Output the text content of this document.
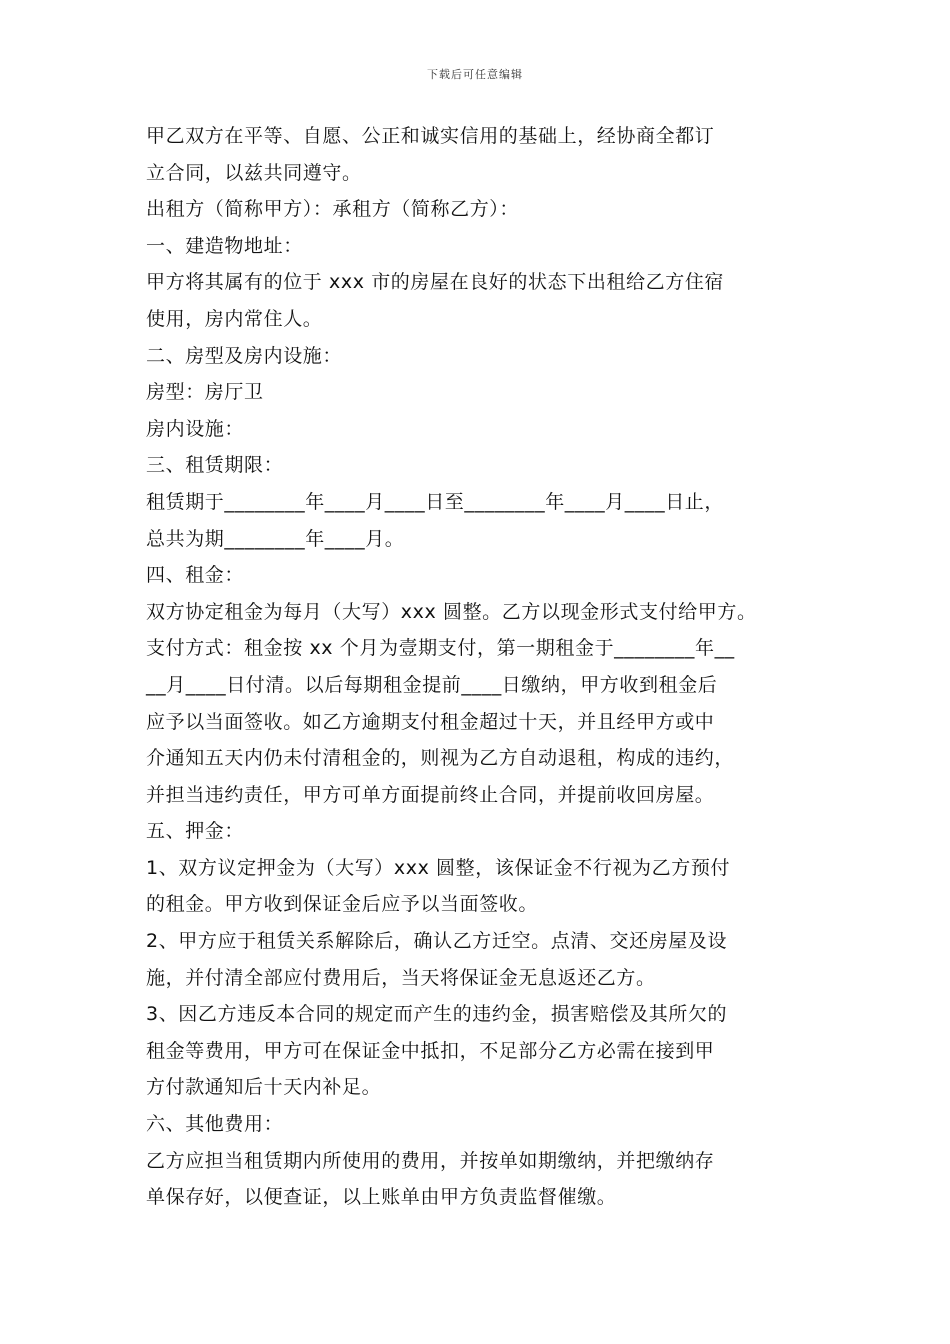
下载后可任意编辑
甲乙双方在平等、自愿、公正和诚实信用的基础上，经协商全都订
立合同，以兹共同遵守。
出租方（简称甲方）：承租方（简称乙方）：
一、建造物地址：
甲方将其属有的位于 xxx 市的房屋在良好的状态下出租给乙方住宿
使用，房内常住人。
二、房型及房内设施：
房型：房厅卫
房内设施：
三、租赁期限：
租赁期于________年____月____日至________年____月____日止，
总共为期________年____月。
四、租金：
双方协定租金为每月（大写）xxx 圆整。乙方以现金形式支付给甲方。
支付方式：租金按 xx 个月为壹期支付，第一期租金于________年__
__月____日付清。以后每期租金提前____日缴纳，甲方收到租金后
应予以当面签收。如乙方逾期支付租金超过十天，并且经甲方或中
介通知五天内仍未付清租金的，则视为乙方自动退租，构成的违约，
并担当违约责任，甲方可单方面提前终止合同，并提前收回房屋。
五、押金：
1、双方议定押金为（大写）xxx 圆整，该保证金不行视为乙方预付
的租金。甲方收到保证金后应予以当面签收。
2、甲方应于租赁关系解除后，确认乙方迁空。点清、交还房屋及设
施，并付清全部应付费用后，当天将保证金无息返还乙方。
3、因乙方违反本合同的规定而产生的违约金，损害赔偿及其所欠的
租金等费用，甲方可在保证金中抵扣，不足部分乙方必需在接到甲
方付款通知后十天内补足。
六、其他费用：
乙方应担当租赁期内所使用的费用，并按单如期缴纳，并把缴纳存
单保存好，以便查证，以上账单由甲方负责监督催缴。
